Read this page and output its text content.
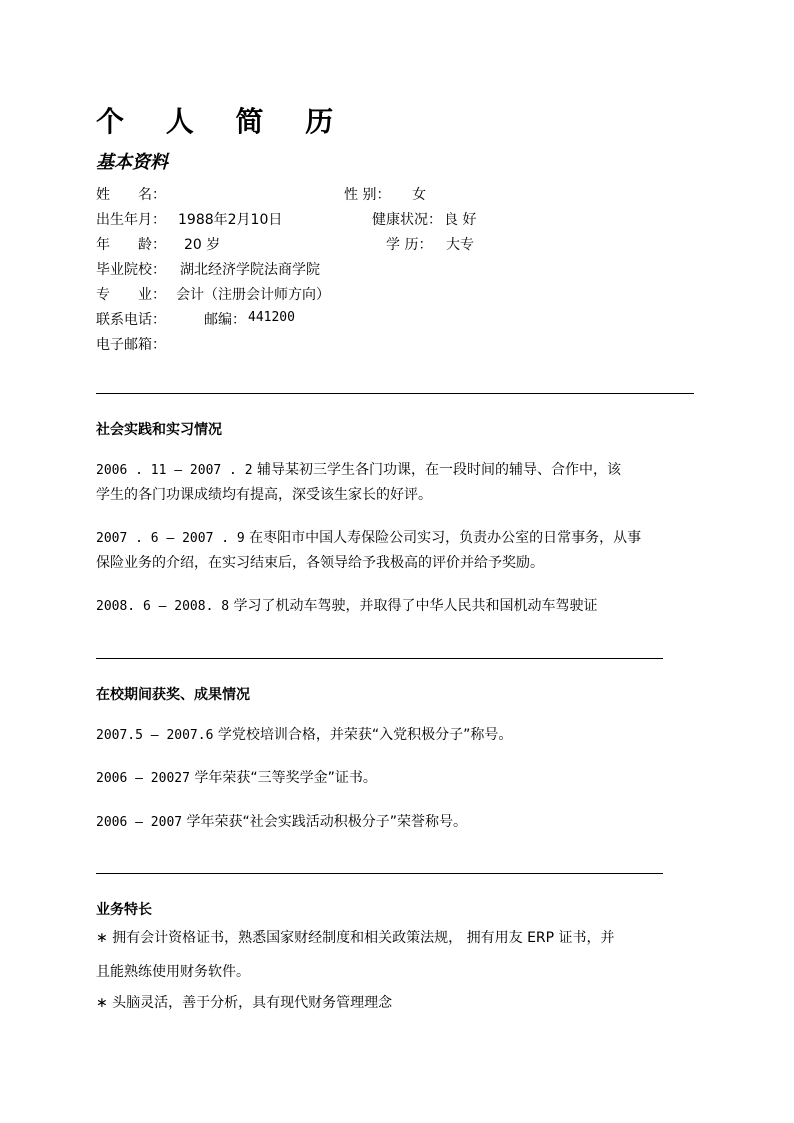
个 人 简 历
基本资料
姓　　名：	性 别： 女
出生年月： 1988年2月10日	健康状况： 良 好
年　　龄： 20 岁	学 历： 大专
毕业院校： 湖北经济学院法商学院
专　　业： 会计（注册会计师方向）
联系电话：	邮编： 441200
电子邮箱：
社会实践和实习情况
2006 . 11 — 2007 . 2 辅导某初三学生各门功课，在一段时间的辅导、合作中，该
学生的各门功课成绩均有提高，深受该生家长的好评。
2007 . 6 — 2007 . 9 在枣阳市中国人寿保险公司实习，负责办公室的日常事务，从事
保险业务的介绍，在实习结束后，各领导给予我极高的评价并给予奖励。
2008. 6 — 2008. 8 学习了机动车驾驶，并取得了中华人民共和国机动车驾驶证
在校期间获奖、成果情况
2007.5 — 2007.6 学党校培训合格，并荣获“入党积极分子”称号。
2006 — 20027 学年荣获“三等奖学金”证书。
2006 — 2007 学年荣获“社会实践活动积极分子”荣誉称号。
业务特长
∗ 拥有会计资格证书，熟悉国家财经制度和相关政策法规， 拥有用友 ERP 证书，并
且能熟练使用财务软件。
∗ 头脑灵活，善于分析，具有现代财务管理理念
